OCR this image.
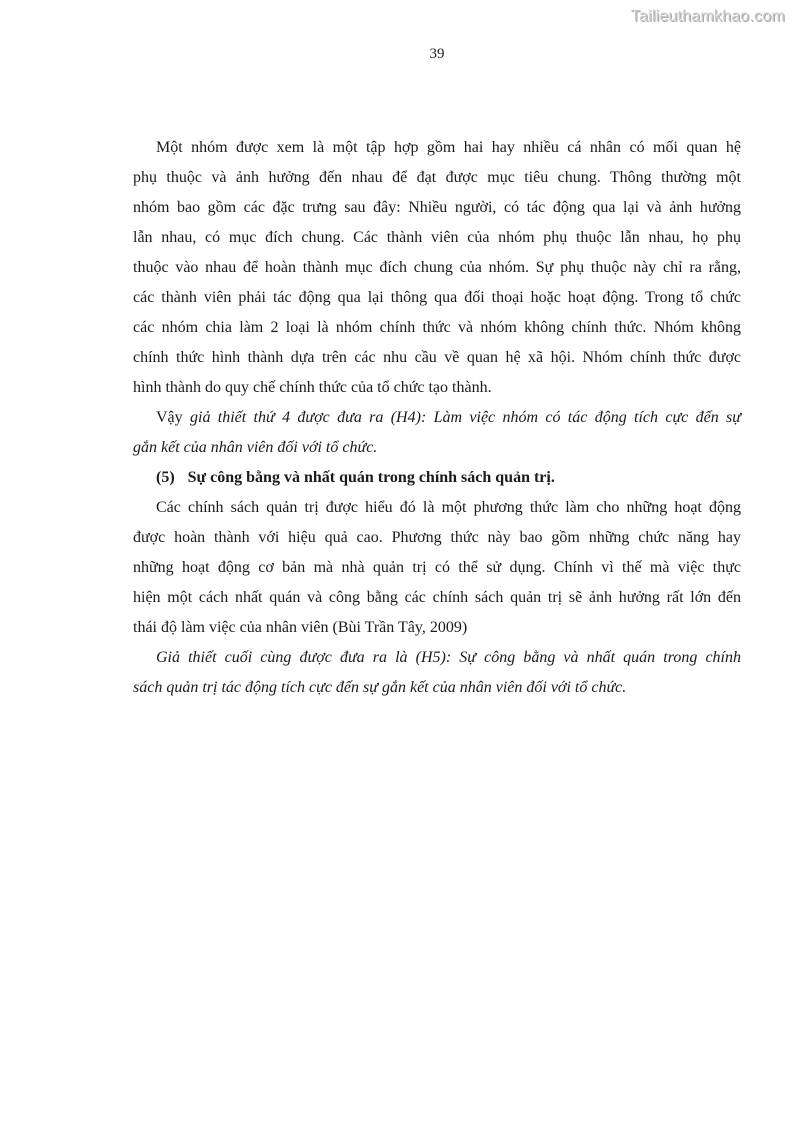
Tailieuthamkhao.com
39
Một nhóm được xem là một tập hợp gồm hai hay nhiều cá nhân có mối quan hệ
phụ thuộc và ảnh hưởng đến nhau để đạt được mục tiêu chung. Thông thường một
nhóm bao gồm các đặc trưng sau đây: Nhiều người, có tác động qua lại và ảnh hưởng
lẫn nhau, có mục đích chung. Các thành viên của nhóm phụ thuộc lẫn nhau, họ phụ
thuộc vào nhau để hoàn thành mục đích chung của nhóm. Sự phụ thuộc này chỉ ra rằng,
các thành viên phải tác động qua lại thông qua đối thoại hoặc hoạt động. Trong tổ chức
các nhóm chia làm 2 loại là nhóm chính thức và nhóm không chính thức. Nhóm không
chính thức hình thành dựa trên các nhu cầu về quan hệ xã hội. Nhóm chính thức được
hình thành do quy chế chính thức của tổ chức tạo thành.
Vậy giả thiết thứ 4 được đưa ra (H4): Làm việc nhóm có tác động tích cực đến sự
gắn kết của nhân viên đối với tổ chức.
(5) Sự công bằng và nhất quán trong chính sách quản trị.
Các chính sách quản trị được hiểu đó là một phương thức làm cho những hoạt động
được hoàn thành với hiệu quả cao. Phương thức này bao gồm những chức năng hay
những hoạt động cơ bản mà nhà quản trị có thể sử dụng. Chính vì thế mà việc thực
hiện một cách nhất quán và công bằng các chính sách quản trị sẽ ảnh hưởng rất lớn đến
thái độ làm việc của nhân viên (Bùi Trần Tây, 2009)
Giả thiết cuối cùng được đưa ra là (H5): Sự công bằng và nhất quán trong chính
sách quản trị tác động tích cực đến sự gắn kết của nhân viên đối với tổ chức.
